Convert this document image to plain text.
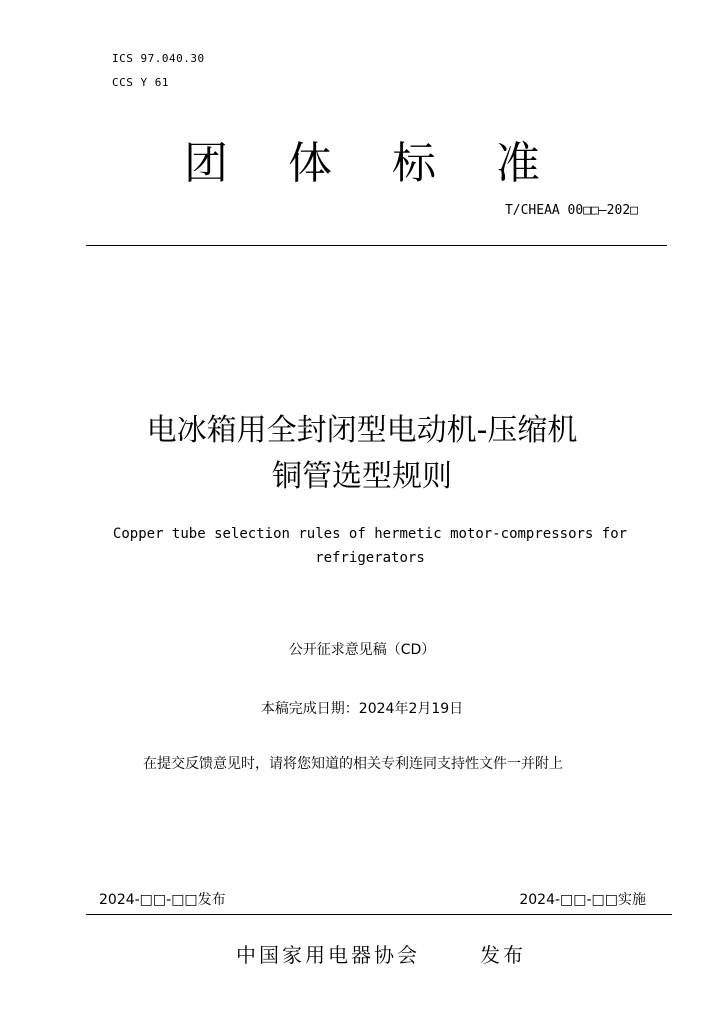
ICS 97.040.30
CCS Y 61
团 体 标 准
T/CHEAA 00□□—202□
电冰箱用全封闭型电动机-压缩机
铜管选型规则
Copper tube selection rules of hermetic motor-compressors for refrigerators
公开征求意见稿（CD）
本稿完成日期：2024年2月19日
在提交反馈意见时，请将您知道的相关专利连同支持性文件一并附上
2024-□□-□□发布	2024-□□-□□实施
中国家用电器协会	发布
